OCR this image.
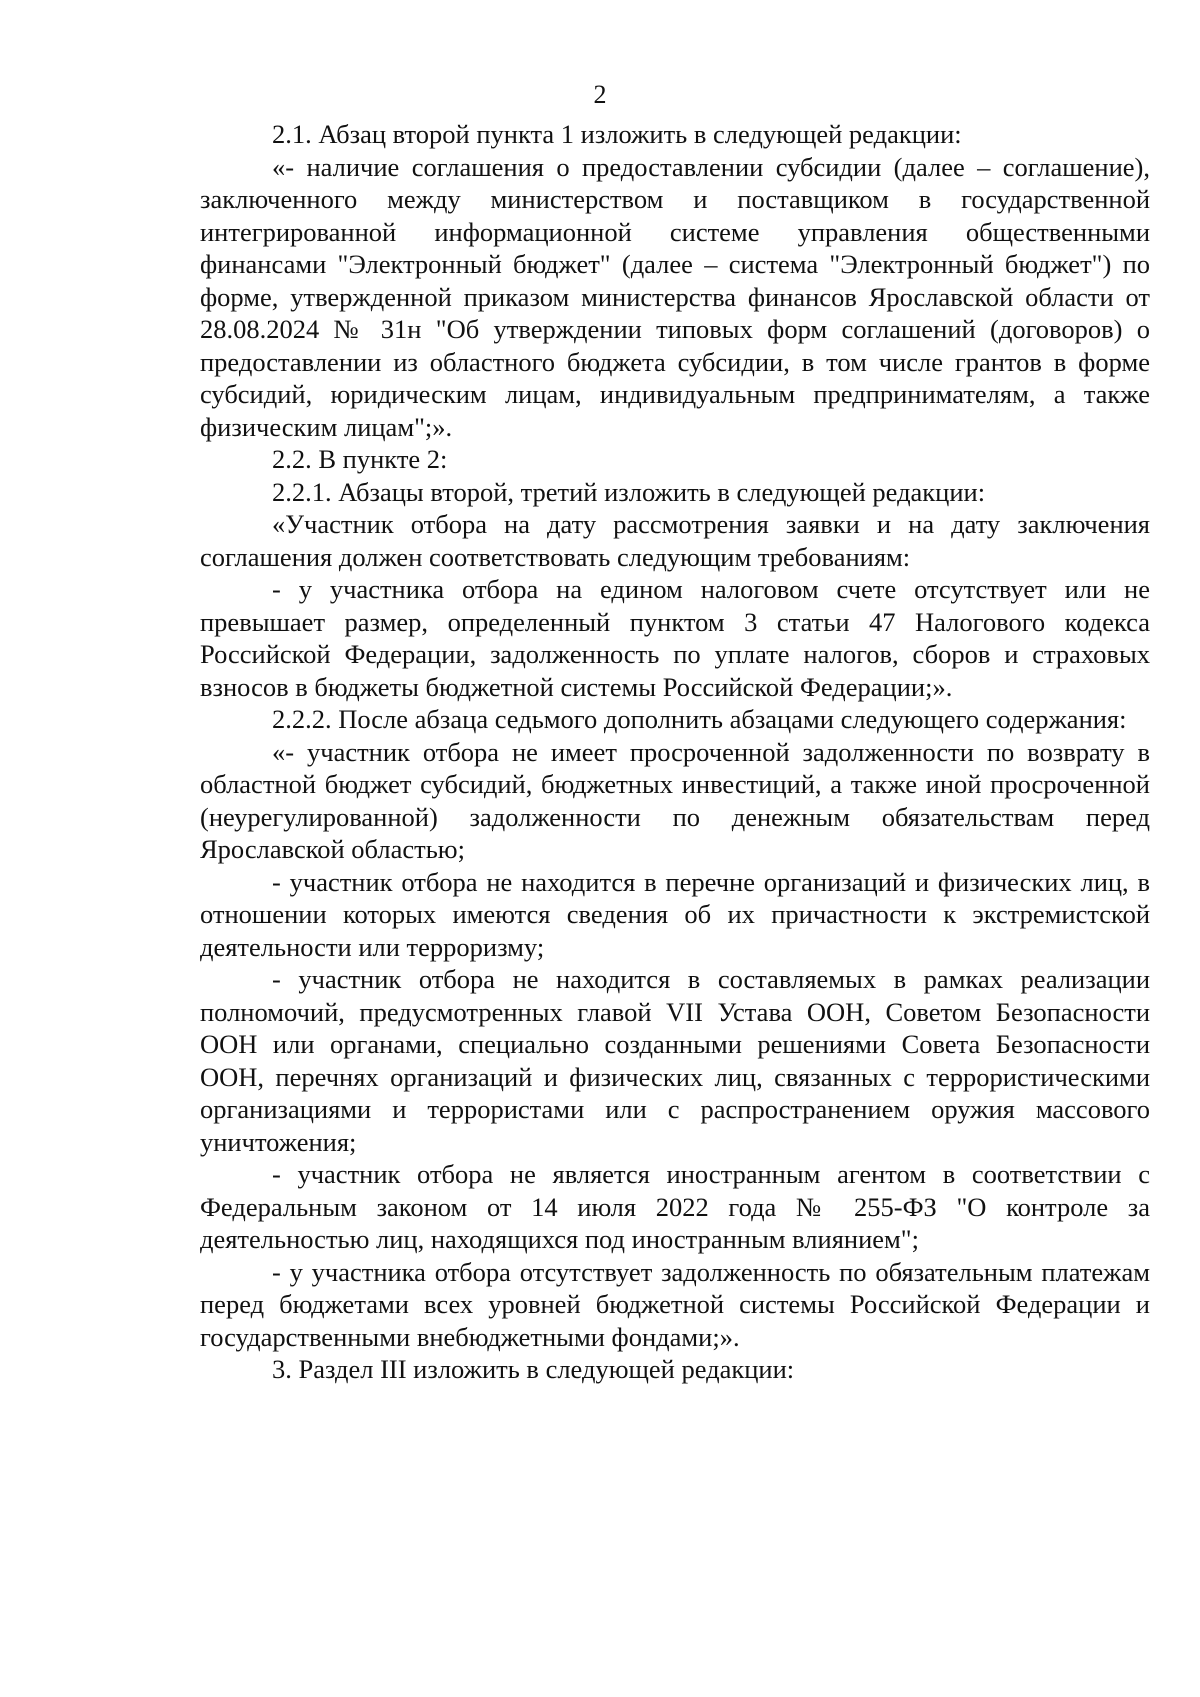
2

2.1. Абзац второй пункта 1 изложить в следующей редакции:

«- наличие соглашения о предоставлении субсидии (далее – соглашение), заключенного между министерством и поставщиком в государственной интегрированной информационной системе управления общественными финансами "Электронный бюджет" (далее – система "Электронный бюджет") по форме, утвержденной приказом министерства финансов Ярославской области от 28.08.2024 № 31н "Об утверждении типовых форм соглашений (договоров) о предоставлении из областного бюджета субсидии, в том числе грантов в форме субсидий, юридическим лицам, индивидуальным предпринимателям, а также физическим лицам";».

2.2. В пункте 2:

2.2.1. Абзацы второй, третий изложить в следующей редакции:

«Участник отбора на дату рассмотрения заявки и на дату заключения соглашения должен соответствовать следующим требованиям:

- у участника отбора на едином налоговом счете отсутствует или не превышает размер, определенный пунктом 3 статьи 47 Налогового кодекса Российской Федерации, задолженность по уплате налогов, сборов и страховых взносов в бюджеты бюджетной системы Российской Федерации;».

2.2.2. После абзаца седьмого дополнить абзацами следующего содержания:

«- участник отбора не имеет просроченной задолженности по возврату в областной бюджет субсидий, бюджетных инвестиций, а также иной просроченной (неурегулированной) задолженности по денежным обязательствам перед Ярославской областью;

- участник отбора не находится в перечне организаций и физических лиц, в отношении которых имеются сведения об их причастности к экстремистской деятельности или терроризму;

- участник отбора не находится в составляемых в рамках реализации полномочий, предусмотренных главой VII Устава ООН, Советом Безопасности ООН или органами, специально созданными решениями Совета Безопасности ООН, перечнях организаций и физических лиц, связанных с террористическими организациями и террористами или с распространением оружия массового уничтожения;

- участник отбора не является иностранным агентом в соответствии с Федеральным законом от 14 июля 2022 года № 255-ФЗ "О контроле за деятельностью лиц, находящихся под иностранным влиянием";

- у участника отбора отсутствует задолженность по обязательным платежам перед бюджетами всех уровней бюджетной системы Российской Федерации и государственными внебюджетными фондами;».

3. Раздел III изложить в следующей редакции:
